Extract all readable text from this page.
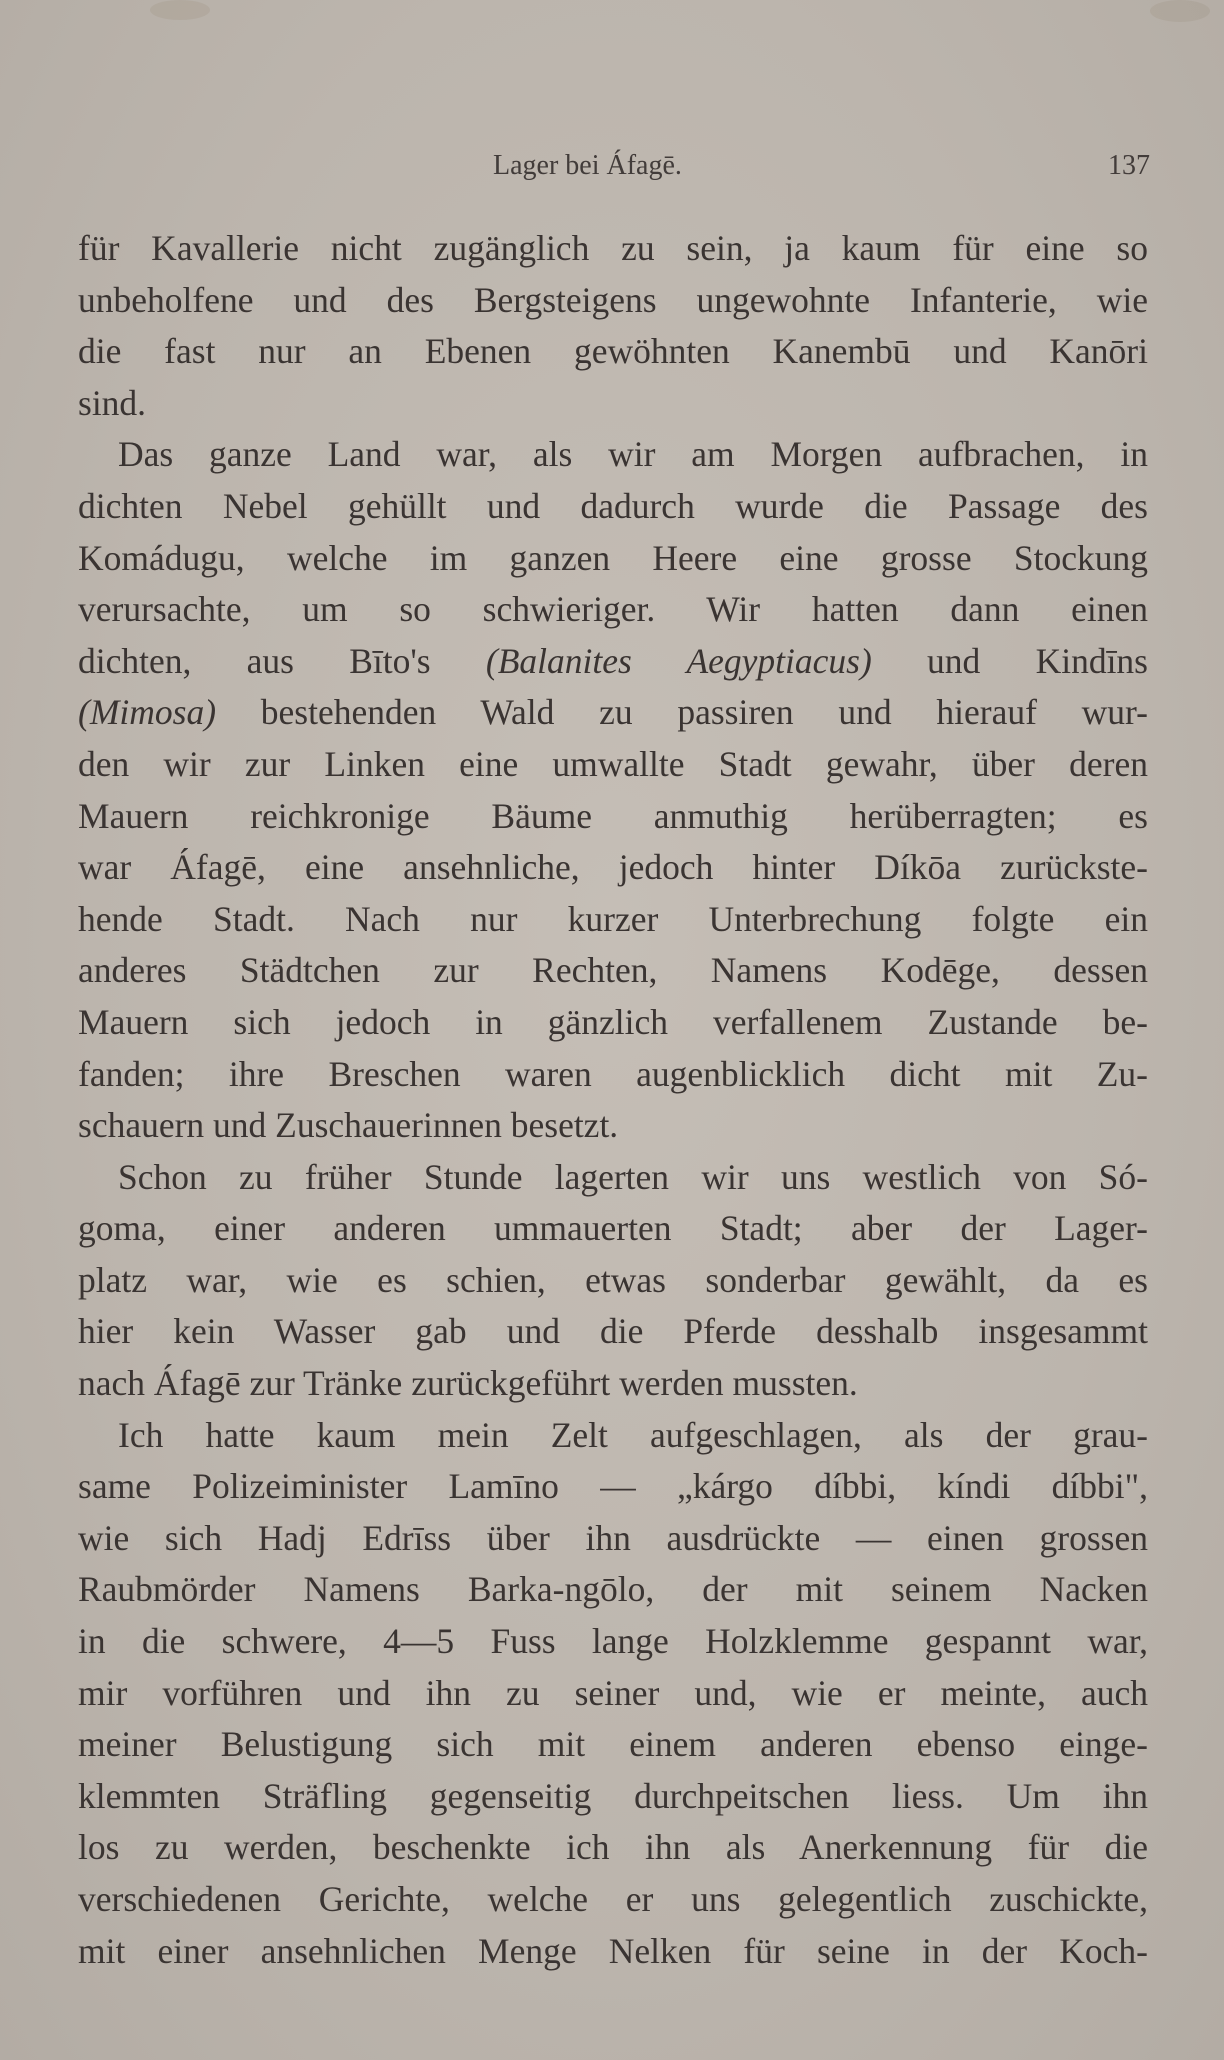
Lager bei Áfagē.	137
für Kavallerie nicht zugänglich zu sein, ja kaum für eine so
unbeholfene und des Bergsteigens ungewohnte Infanterie, wie
die fast nur an Ebenen gewöhnten Kanembū und Kanōri
sind.
Das ganze Land war, als wir am Morgen aufbrachen, in
dichten Nebel gehüllt und dadurch wurde die Passage des
Komádugu, welche im ganzen Heere eine grosse Stockung
verursachte, um so schwieriger. Wir hatten dann einen
dichten, aus Bīto's (Balanites Aegyptiacus) und Kindīns
(Mimosa) bestehenden Wald zu passiren und hierauf wur-
den wir zur Linken eine umwallte Stadt gewahr, über deren
Mauern reichkronige Bäume anmuthig herüberragten; es
war Áfagē, eine ansehnliche, jedoch hinter Díkōa zurückste-
hende Stadt. Nach nur kurzer Unterbrechung folgte ein
anderes Städtchen zur Rechten, Namens Kodēge, dessen
Mauern sich jedoch in gänzlich verfallenem Zustande be-
fanden; ihre Breschen waren augenblicklich dicht mit Zu-
schauern und Zuschauerinnen besetzt.
Schon zu früher Stunde lagerten wir uns westlich von Só-
goma, einer anderen ummauerten Stadt; aber der Lager-
platz war, wie es schien, etwas sonderbar gewählt, da es
hier kein Wasser gab und die Pferde desshalb insgesammt
nach Áfagē zur Tränke zurückgeführt werden mussten.
Ich hatte kaum mein Zelt aufgeschlagen, als der grau-
same Polizeiminister Lamīno — „kárgo díbbi, kíndi díbbi",
wie sich Hadj Edrīss über ihn ausdrückte — einen grossen
Raubmörder Namens Barka-ngōlo, der mit seinem Nacken
in die schwere, 4—5 Fuss lange Holzklemme gespannt war,
mir vorführen und ihn zu seiner und, wie er meinte, auch
meiner Belustigung sich mit einem anderen ebenso einge-
klemmten Sträfling gegenseitig durchpeitschen liess. Um ihn
los zu werden, beschenkte ich ihn als Anerkennung für die
verschiedenen Gerichte, welche er uns gelegentlich zuschickte,
mit einer ansehnlichen Menge Nelken für seine in der Koch-
